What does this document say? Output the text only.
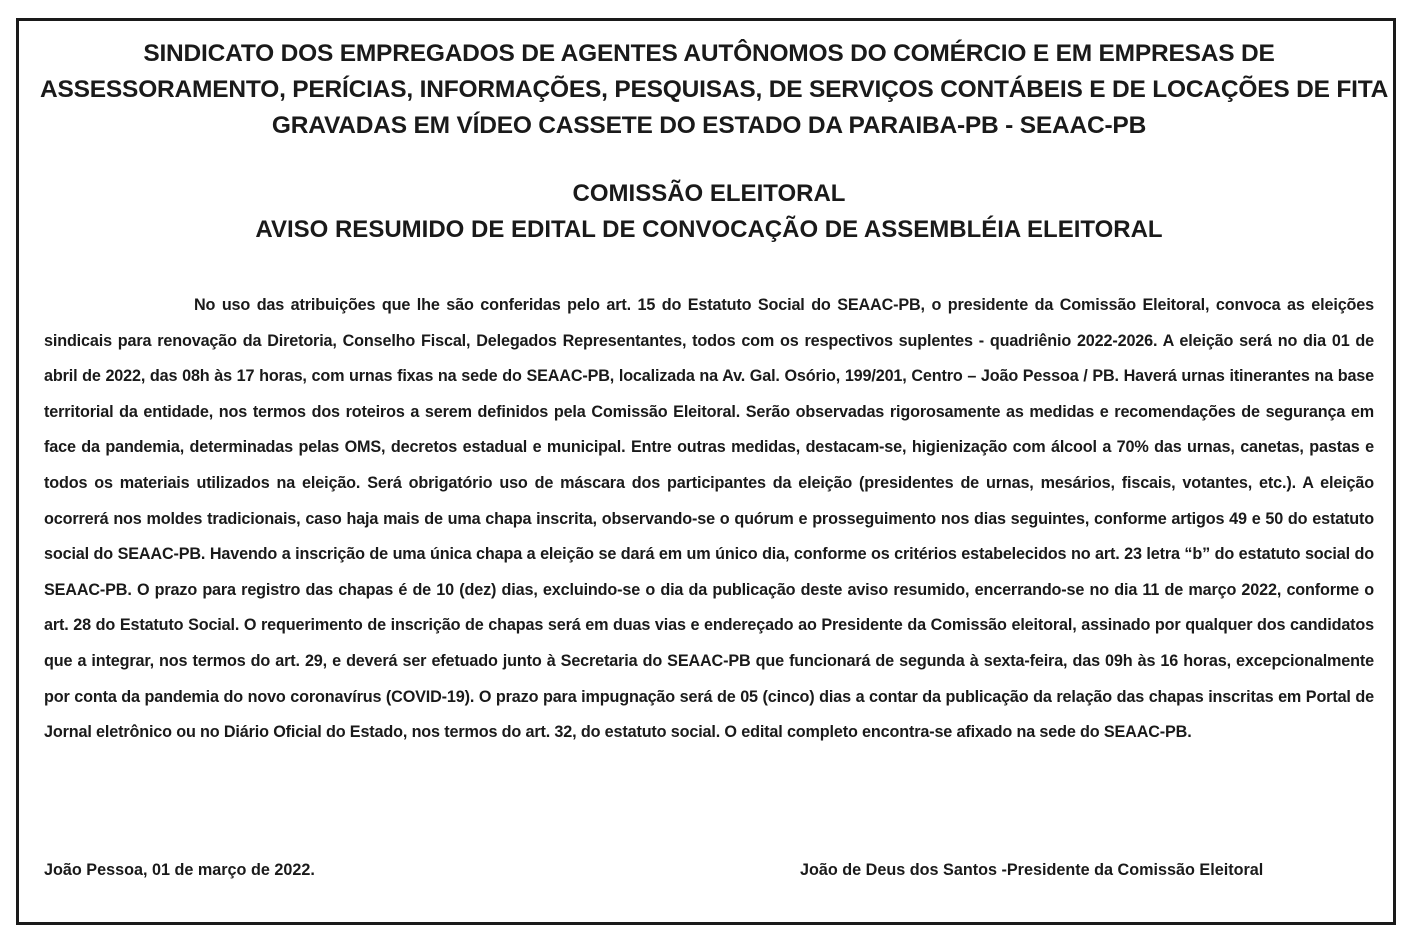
SINDICATO DOS EMPREGADOS DE AGENTES AUTÔNOMOS DO COMÉRCIO E EM EMPRESAS DE
ASSESSORAMENTO, PERÍCIAS, INFORMAÇÕES, PESQUISAS, DE SERVIÇOS CONTÁBEIS E DE LOCAÇÕES DE FITA
GRAVADAS EM VÍDEO CASSETE DO ESTADO DA PARAIBA-PB - SEAAC-PB
COMISSÃO ELEITORAL
AVISO RESUMIDO DE EDITAL DE CONVOCAÇÃO DE ASSEMBLÉIA ELEITORAL
No uso das atribuições que lhe são conferidas pelo art. 15 do Estatuto Social do SEAAC-PB, o presidente da Comissão Eleitoral, convoca as eleições sindicais para renovação da Diretoria, Conselho Fiscal, Delegados Representantes, todos com os respectivos suplentes - quadriênio 2022-2026. A eleição será no dia 01 de abril de 2022, das 08h às 17 horas, com urnas fixas na sede do SEAAC-PB, localizada na Av. Gal. Osório, 199/201, Centro – João Pessoa / PB. Haverá urnas itinerantes na base territorial da entidade, nos termos dos roteiros a serem definidos pela Comissão Eleitoral. Serão observadas rigorosamente as medidas e recomendações de segurança em face da pandemia, determinadas pelas OMS, decretos estadual e municipal. Entre outras medidas, destacam-se, higienização com álcool a 70% das urnas, canetas, pastas e todos os materiais utilizados na eleição. Será obrigatório uso de máscara dos participantes da eleição (presidentes de urnas, mesários, fiscais, votantes, etc.). A eleição ocorrerá nos moldes tradicionais, caso haja mais de uma chapa inscrita, observando-se o quórum e prosseguimento nos dias seguintes, conforme artigos 49 e 50 do estatuto social do SEAAC-PB. Havendo a inscrição de uma única chapa a eleição se dará em um único dia, conforme os critérios estabelecidos no art. 23 letra “b” do estatuto social do SEAAC-PB. O prazo para registro das chapas é de 10 (dez) dias, excluindo-se o dia da publicação deste aviso resumido, encerrando-se no dia 11 de março 2022, conforme o art. 28 do Estatuto Social. O requerimento de inscrição de chapas será em duas vias e endereçado ao Presidente da Comissão eleitoral, assinado por qualquer dos candidatos que a integrar, nos termos do art. 29, e deverá ser efetuado junto à Secretaria do SEAAC-PB que funcionará de segunda à sexta-feira, das 09h às 16 horas, excepcionalmente por conta da pandemia do novo coronavírus (COVID-19). O prazo para impugnação será de 05 (cinco) dias a contar da publicação da relação das chapas inscritas em Portal de Jornal eletrônico ou no Diário Oficial do Estado, nos termos do art. 32, do estatuto social. O edital completo encontra-se afixado na sede do SEAAC-PB.
João Pessoa, 01 de março de 2022.	João de Deus dos Santos -Presidente da Comissão Eleitoral
